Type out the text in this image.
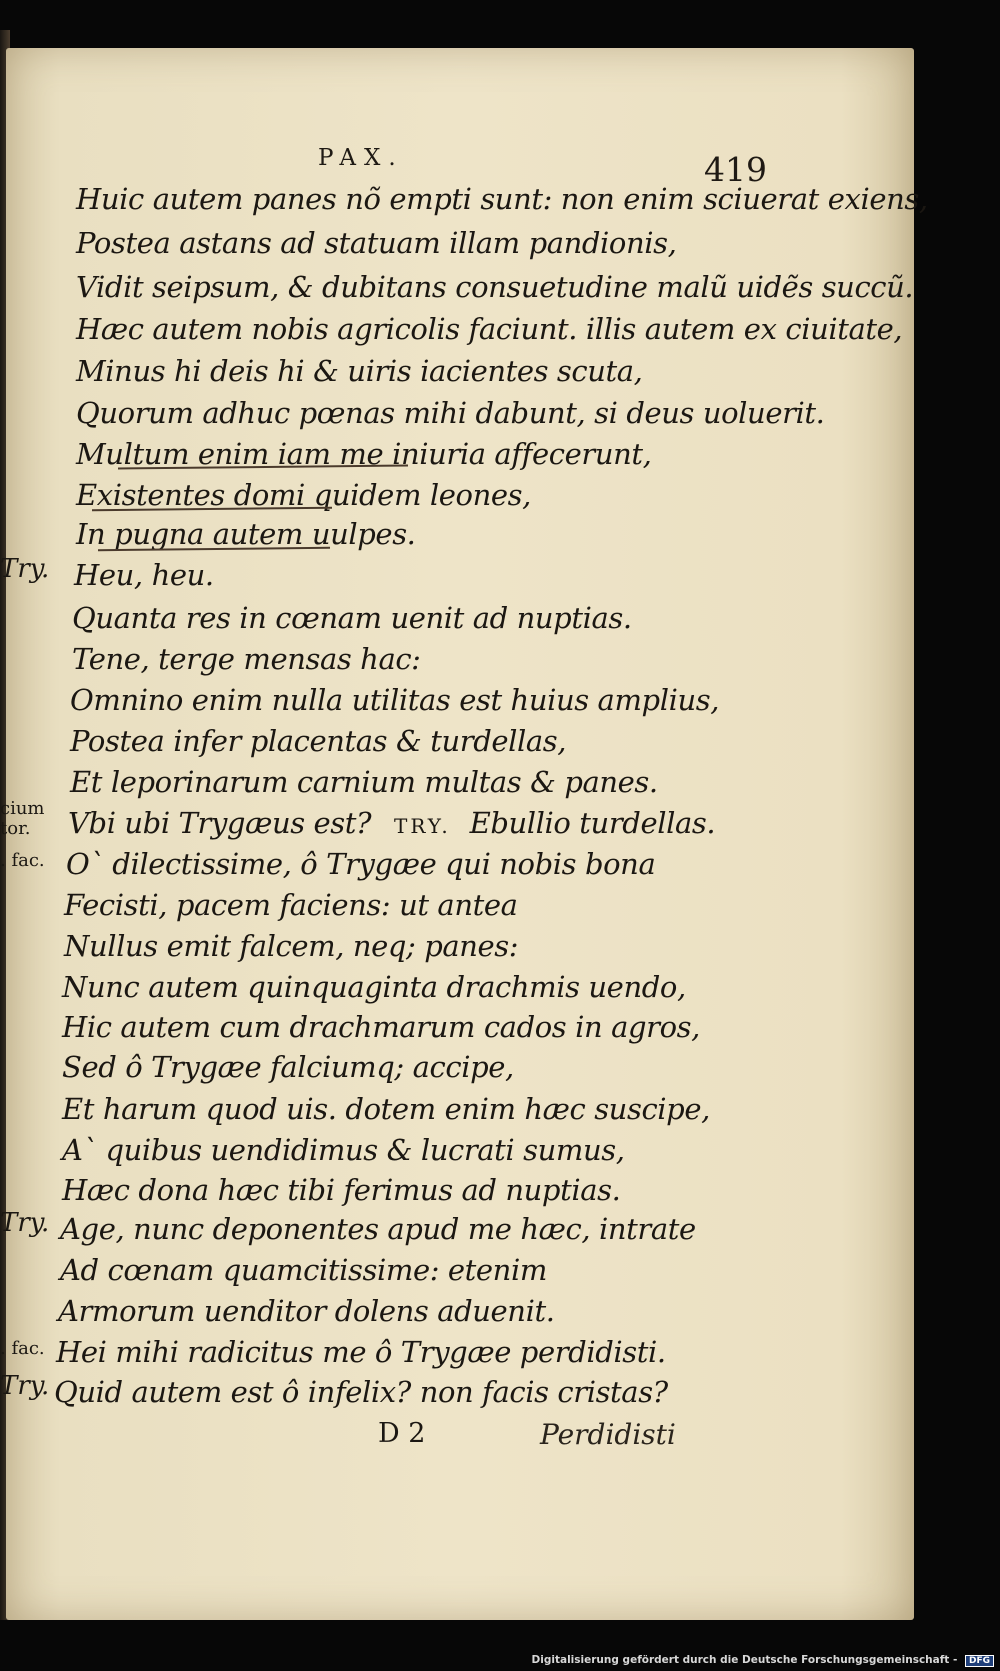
PAX.	419
Huic autem panes nõ empti sunt: non enim sciuerat exiens,
Postea astans ad statuam illam pandionis,
Vidit seipsum, & dubitans consuetudine malũ uidẽs succũ.
Hæc autem nobis agricolis faciunt. illis autem ex ciuitate,
Minus hi deis hi & uiris iacientes scuta,
Quorum adhuc pœnas mihi dabunt, si deus uoluerit.
Multum enim iam me iniuria affecerunt,
Existentes domi quidem leones,
In pugna autem uulpes.
Try. Heu, heu.
Quanta res in cœnam uenit ad nuptias.
Tene, terge mensas hac:
Omnino enim nulla utilitas est huius amplius,
Postea infer placentas & turdellas,
Et leporinarum carnium multas & panes.
cium
tor. Vbi ubi Trygæus est? TRY. Ebullio turdellas.
. fac. O` dilectissime, ô Trygæe qui nobis bona
Fecisti, pacem faciens: ut antea
Nullus emit falcem, neq; panes:
Nunc autem quinquaginta drachmis uendo,
Hic autem cum drachmarum cados in agros,
Sed ô Trygæe falciumq; accipe,
Et harum quod uis. dotem enim hæc suscipe,
A` quibus uendidimus & lucrati sumus,
Hæc dona hæc tibi ferimus ad nuptias.
Try. Age, nunc deponentes apud me hæc, intrate
Ad cœnam quamcitissime: etenim
Armorum uenditor dolens aduenit.
. fac. Hei mihi radicitus me ô Trygæe perdidisti.
Try. Quid autem est ô infelix? non facis cristas?
D 2	Perdidisti
Digitalisierung gefördert durch die Deutsche Forschungsgemeinschaft - DFG
